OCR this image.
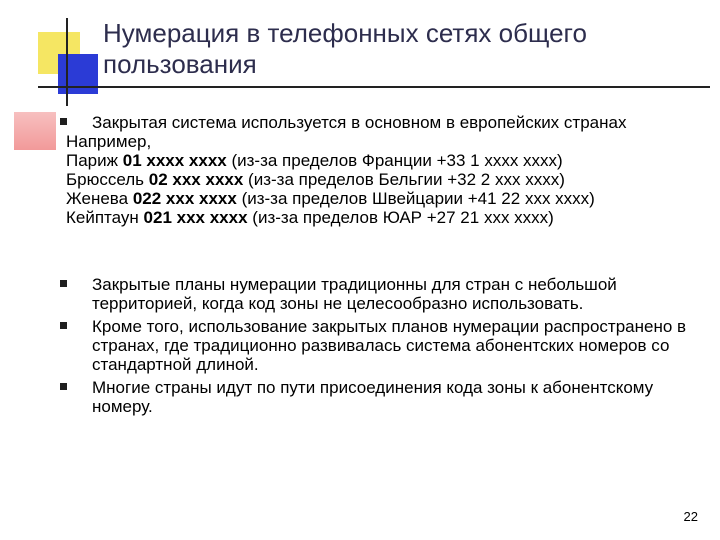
Нумерация в телефонных сетях общего пользования
Закрытая система используется в основном в европейских странах
Например,
Париж 01 xxxx xxxx (из-за пределов Франции +33 1 xxxx xxxx)
Брюссель 02 xxx xxxx (из-за пределов Бельгии +32 2 xxx xxxx)
Женева 022 xxx xxxx (из-за пределов Швейцарии +41 22 xxx xxxx)
Кейптаун 021 xxx xxxx (из-за пределов ЮАР +27 21 xxx xxxx)
Закрытые планы нумерации традиционны для стран с небольшой территорией, когда код зоны не целесообразно использовать.
Кроме того, использование закрытых планов нумерации распространено в странах, где традиционно развивалась система абонентских номеров со стандартной длиной.
Многие страны идут по пути присоединения кода зоны к абонентскому номеру.
22
